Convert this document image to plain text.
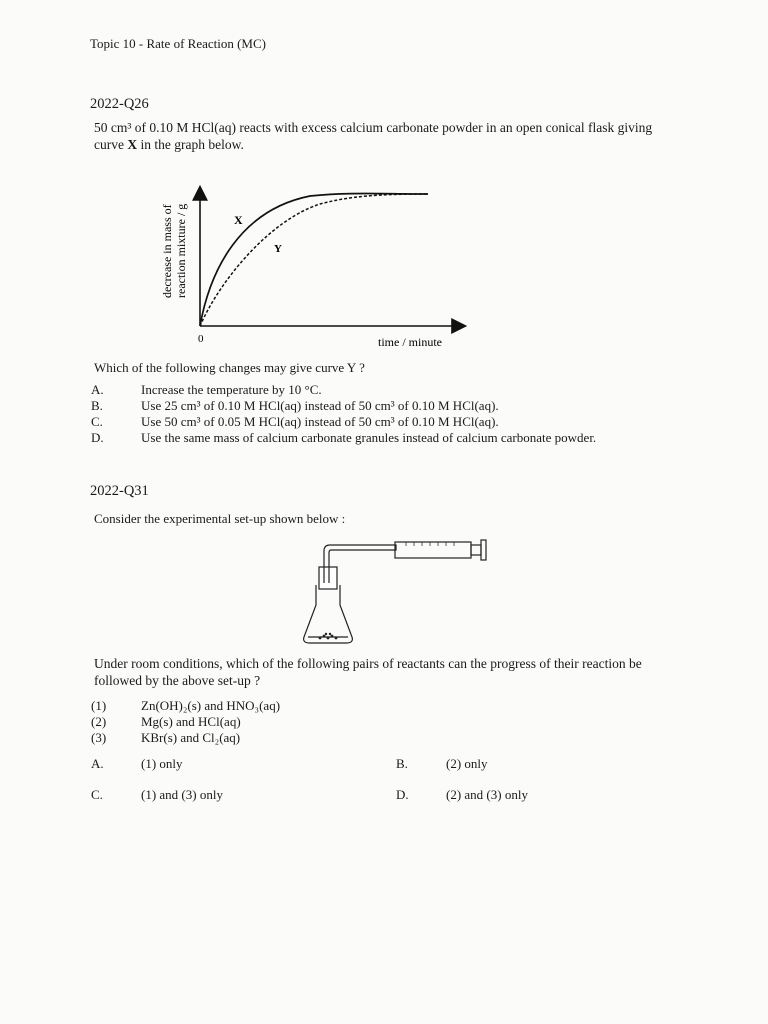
Topic 10 - Rate of Reaction (MC)
2022-Q26
50 cm³ of 0.10 M HCl(aq) reacts with excess calcium carbonate powder in an open conical flask giving
curve X in the graph below.
X
Y
0	time / minute
decrease in mass of reaction mixture / g
Which of the following changes may give curve Y ?
A.	Increase the temperature by 10 °C.
B.	Use 25 cm³ of 0.10 M HCl(aq) instead of 50 cm³ of 0.10 M HCl(aq).
C.	Use 50 cm³ of 0.05 M HCl(aq) instead of 50 cm³ of 0.10 M HCl(aq).
D.	Use the same mass of calcium carbonate granules instead of calcium carbonate powder.
2022-Q31
Consider the experimental set-up shown below :
Under room conditions, which of the following pairs of reactants can the progress of their reaction be
followed by the above set-up ?
(1)	Zn(OH)₂(s) and HNO₃(aq)
(2)	Mg(s) and HCl(aq)
(3)	KBr(s) and Cl₂(aq)
A.	(1) only	B.	(2) only
C.	(1) and (3) only	D.	(2) and (3) only
